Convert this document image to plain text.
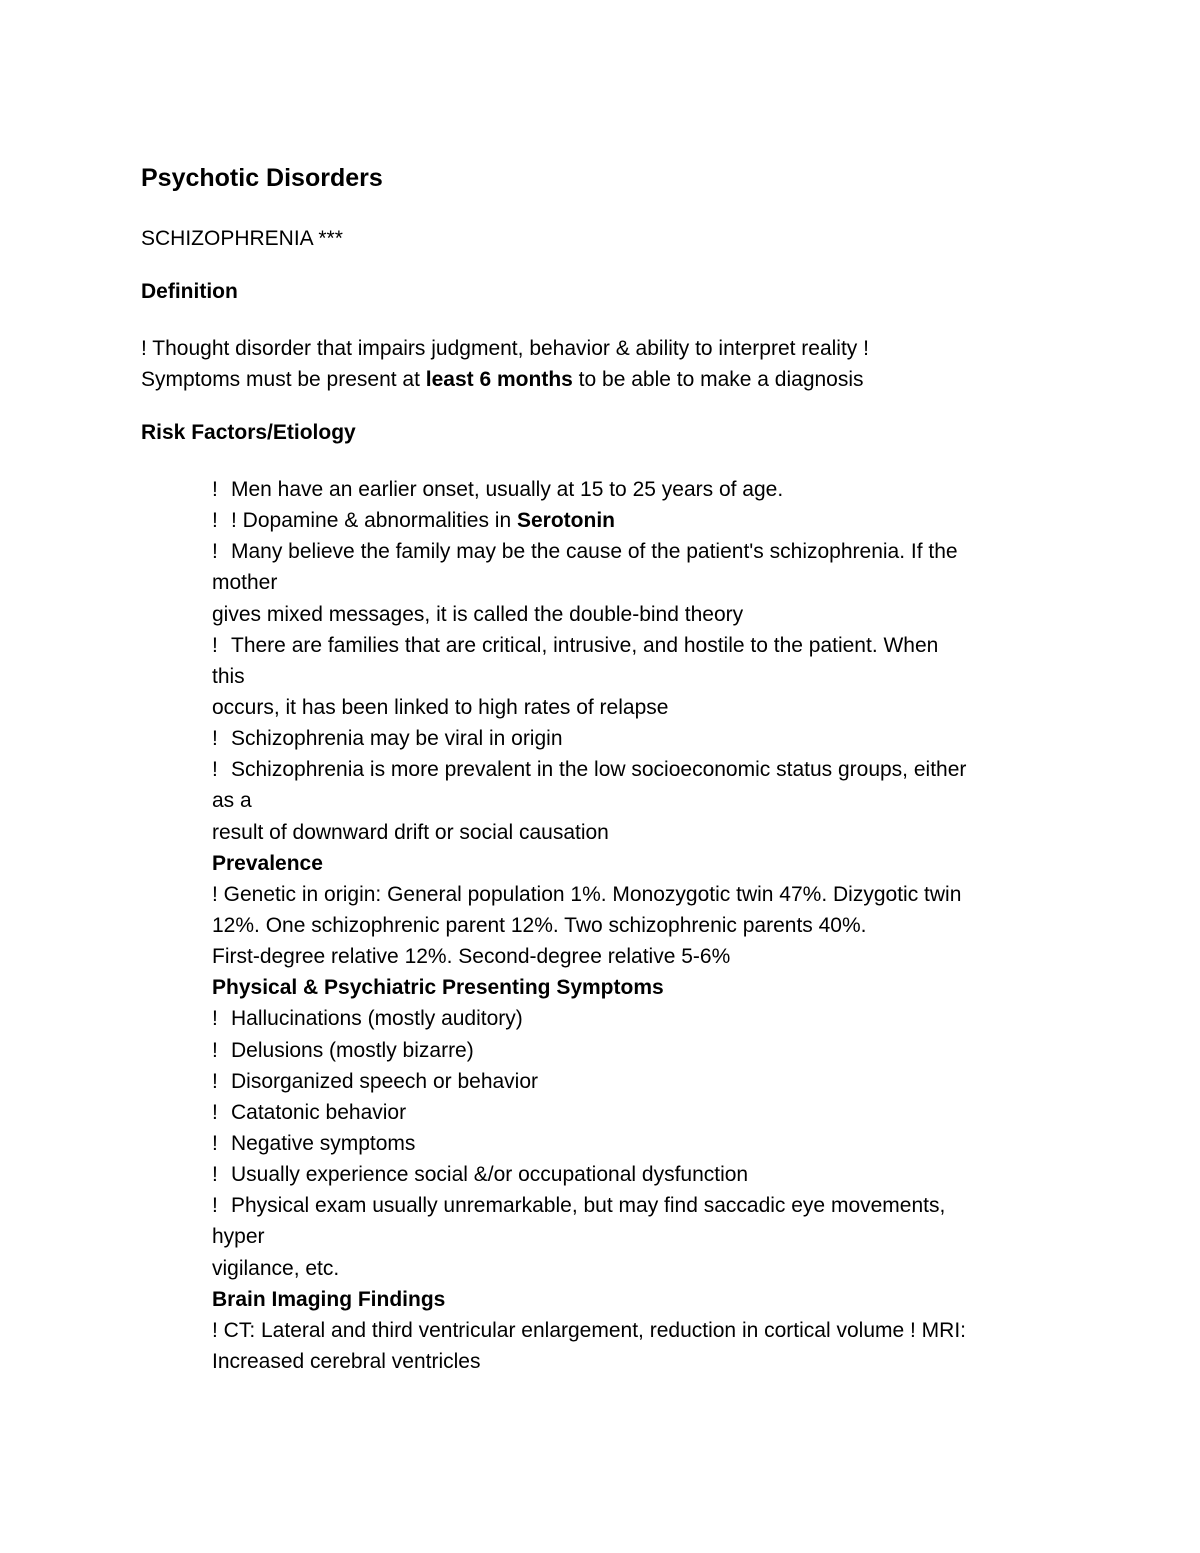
Psychotic Disorders
SCHIZOPHRENIA ***
Definition
! Thought disorder that impairs judgment, behavior & ability to interpret reality !
Symptoms must be present at least 6 months to be able to make a diagnosis
Risk Factors/Etiology
! Men have an earlier onset, usually at 15 to 25 years of age.
! ! Dopamine & abnormalities in Serotonin
! Many believe the family may be the cause of the patient's schizophrenia. If the
mother
gives mixed messages, it is called the double-bind theory
! There are families that are critical, intrusive, and hostile to the patient. When
this
occurs, it has been linked to high rates of relapse
! Schizophrenia may be viral in origin
! Schizophrenia is more prevalent in the low socioeconomic status groups, either
as a
result of downward drift or social causation
Prevalence
! Genetic in origin: General population 1%. Monozygotic twin 47%. Dizygotic twin
12%. One schizophrenic parent 12%. Two schizophrenic parents 40%.
First-degree relative 12%. Second-degree relative 5-6%
Physical & Psychiatric Presenting Symptoms
! Hallucinations (mostly auditory)
! Delusions (mostly bizarre)
! Disorganized speech or behavior
! Catatonic behavior
! Negative symptoms
! Usually experience social &/or occupational dysfunction
! Physical exam usually unremarkable, but may find saccadic eye movements,
hyper
vigilance, etc.
Brain Imaging Findings
! CT: Lateral and third ventricular enlargement, reduction in cortical volume ! MRI:
Increased cerebral ventricles
